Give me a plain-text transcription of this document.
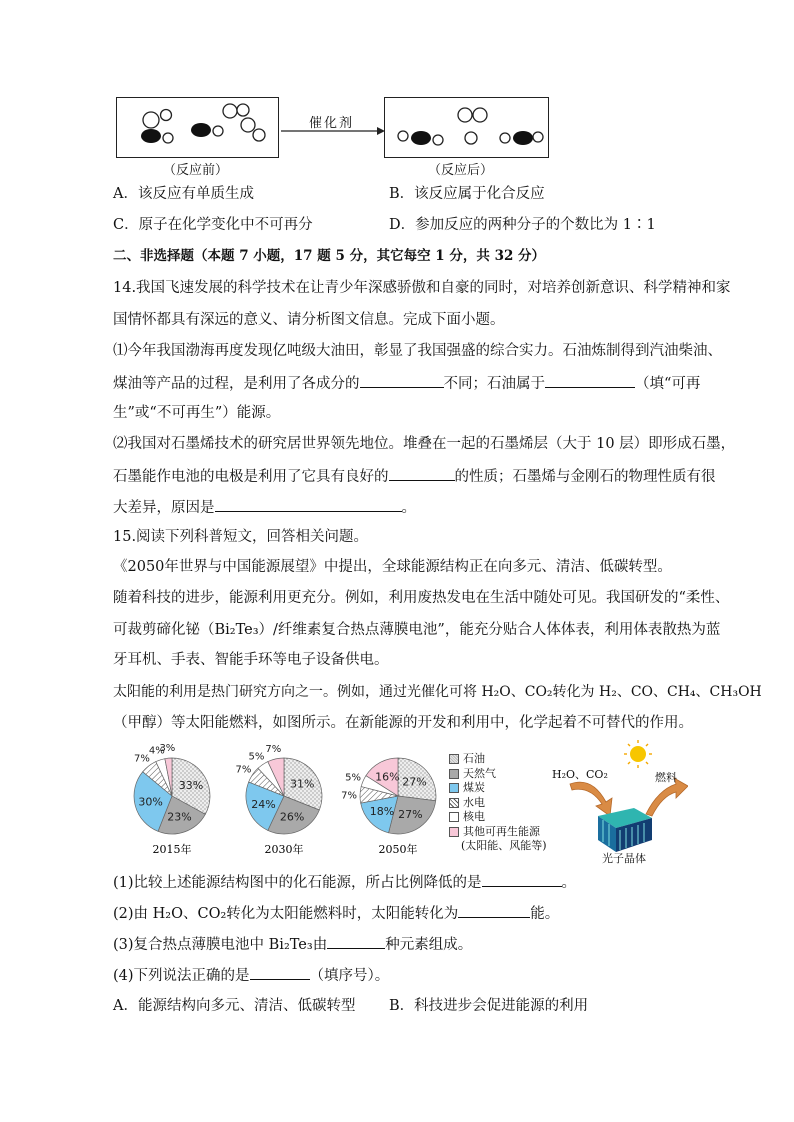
（反应前）
催化剂
（反应后）
A．该反应有单质生成	B．该反应属于化合反应
C．原子在化学变化中不可再分	D．参加反应的两种分子的个数比为 1∶1
二、非选择题（本题 7 小题，17 题 5 分，其它每空 1 分，共 32 分）
14.我国飞速发展的科学技术在让青少年深感骄傲和自豪的同时，对培养创新意识、科学精神和家
国情怀都具有深远的意义、请分析图文信息。完成下面小题。
⑴今年我国渤海再度发现亿吨级大油田，彰显了我国强盛的综合实力。石油炼制得到汽油柴油、
煤油等产品的过程，是利用了各成分的	不同；石油属于	（填“可再
生”或“不可再生”）能源。
⑵我国对石墨烯技术的研究居世界领先地位。堆叠在一起的石墨烯层（大于 10 层）即形成石墨，
石墨能作电池的电极是利用了它具有良好的	的性质；石墨烯与金刚石的物理性质有很
大差异，原因是	。
15.阅读下列科普短文，回答相关问题。
《2050年世界与中国能源展望》中提出，全球能源结构正在向多元、清洁、低碳转型。
随着科技的进步，能源利用更充分。例如，利用废热发电在生活中随处可见。我国研发的“柔性、
可裁剪碲化铋（Bi₂Te₃）/纤维素复合热点薄膜电池”，能充分贴合人体体表，利用体表散热为蓝
牙耳机、手表、智能手环等电子设备供电。
太阳能的利用是热门研究方向之一。例如，通过光催化可将 H₂O、CO₂转化为 H₂、CO、CH₄、CH₃OH
（甲醇）等太阳能燃料，如图所示。在新能源的开发和利用中，化学起着不可替代的作用。
33%
23%
30%
7%
4%
3%
2015年
31%
26%
24%
7%
5%
7%
2030年
27%
27%
18%
7%
5% 16%
2050年
石油
天然气
煤炭
水电
核电
其他可再生能源
(太阳能、风能等)
H₂O、CO₂	燃料
光子晶体
(1)比较上述能源结构图中的化石能源，所占比例降低的是	。
(2)由 H₂O、CO₂转化为太阳能燃料时，太阳能转化为	能。
(3)复合热点薄膜电池中 Bi₂Te₃由	种元素组成。
(4)下列说法正确的是	（填序号）。
A．能源结构向多元、清洁、低碳转型 B．科技进步会促进能源的利用
